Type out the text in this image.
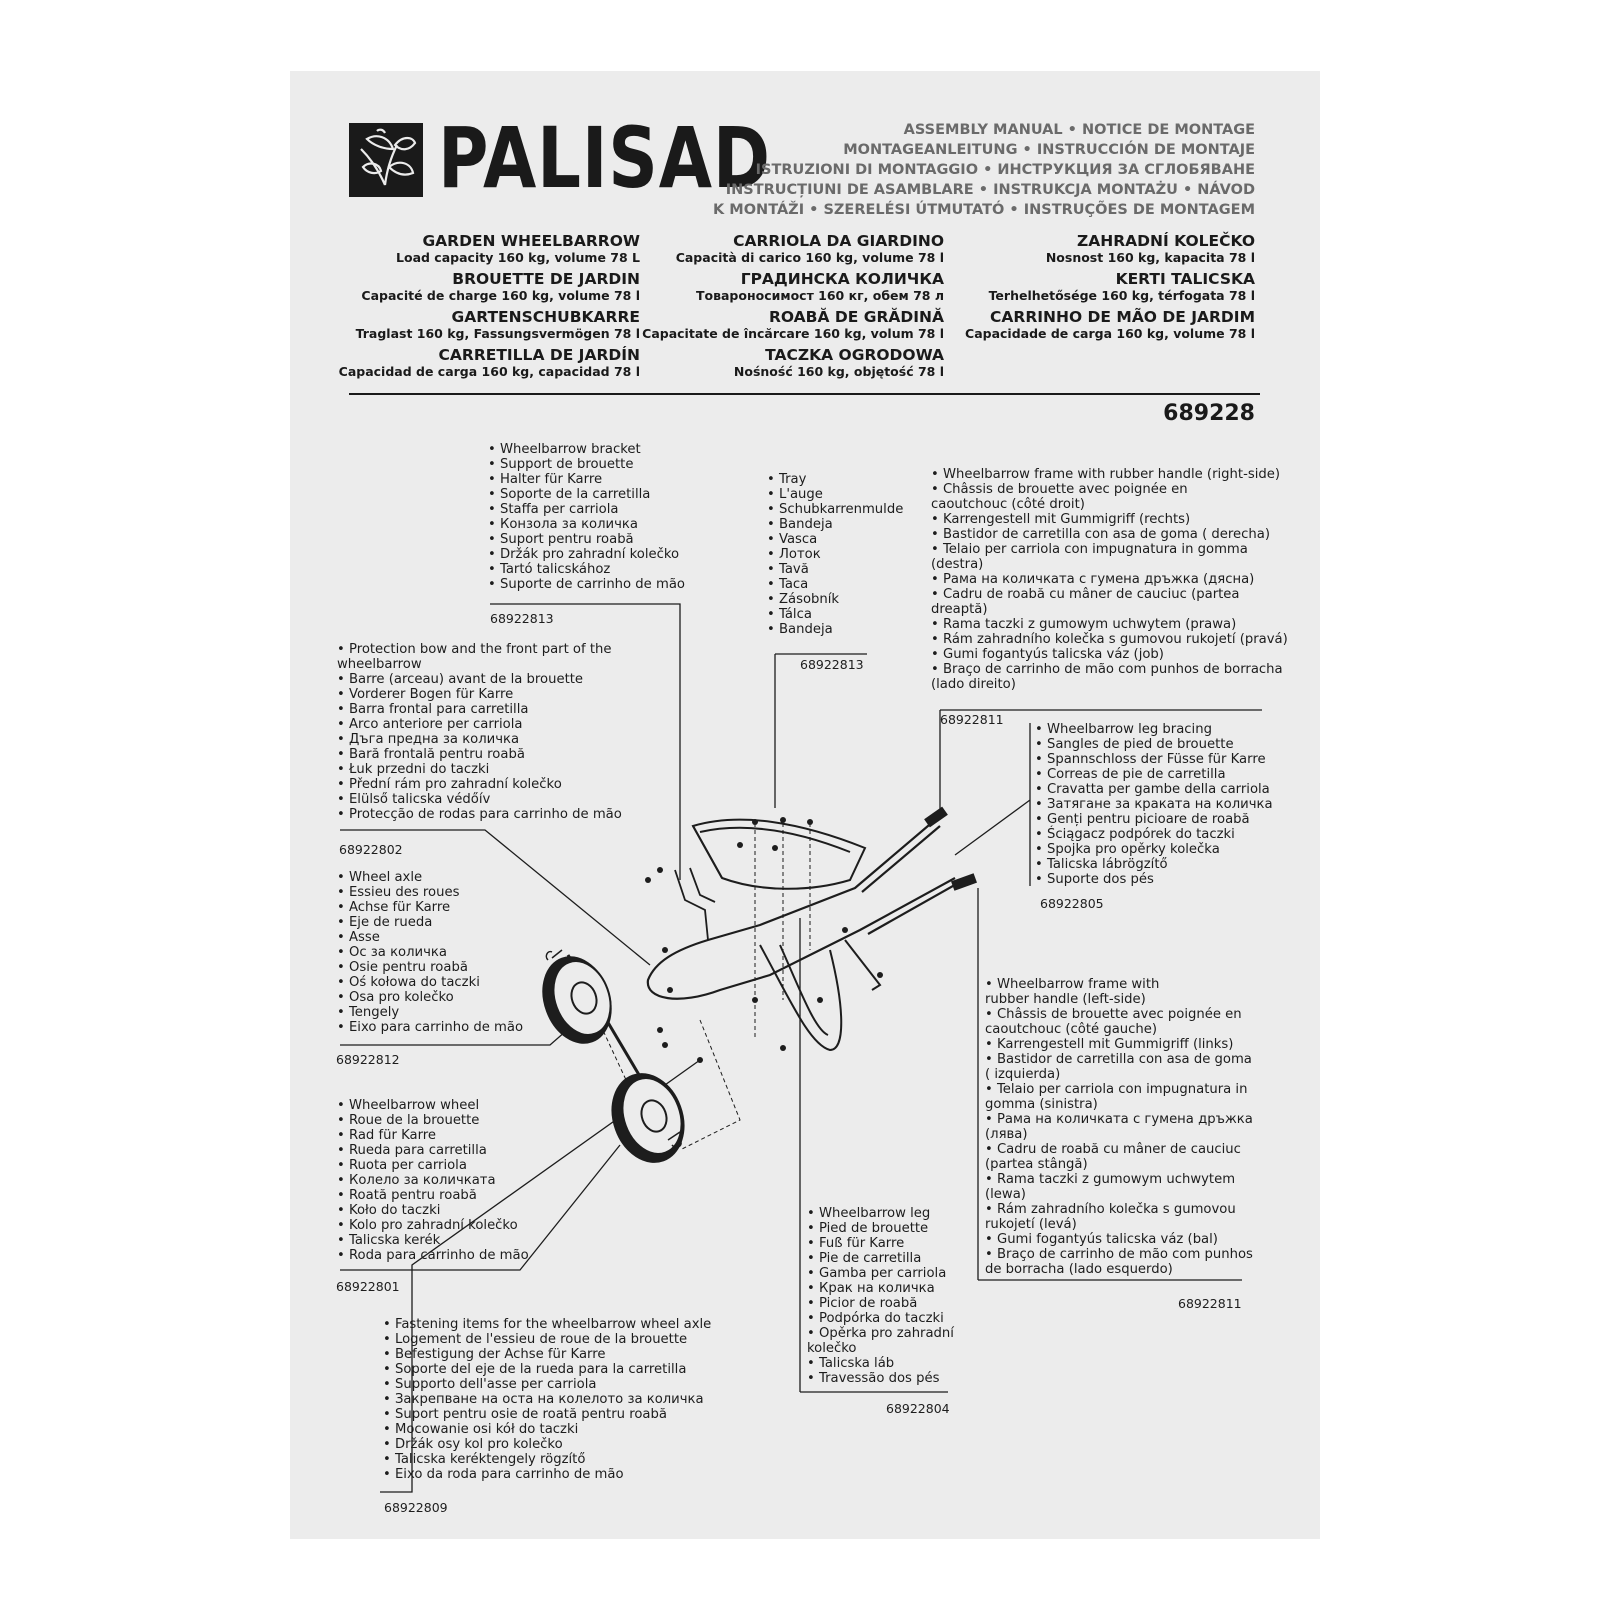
PALISAD	ASSEMBLY MANUAL • NOTICE DE MONTAGE
MONTAGEANLEITUNG • INSTRUCCIÓN DE MONTAJE
ISTRUZIONI DI MONTAGGIO • ИНСТРУКЦИЯ ЗА СГЛОБЯВАНЕ
INSTRUCȚIUNI DE ASAMBLARE • INSTRUKCJA MONTAŻU • NÁVOD
K MONTÁŽI • SZERELÉSI ÚTMUTATÓ • INSTRUÇÕES DE MONTAGEM
GARDEN WHEELBARROW
Load capacity 160 kg, volume 78 L
BROUETTE DE JARDIN
Capacité de charge 160 kg, volume 78 l
GARTENSCHUBKARRE
Traglast 160 kg, Fassungsvermögen 78 l
CARRETILLA DE JARDÍN
Capacidad de carga 160 kg, capacidad 78 l
CARRIOLA DA GIARDINO
Capacità di carico 160 kg, volume 78 l
ГРАДИНСКА КОЛИЧКА
Товароносимост 160 кг, обем 78 л
ROABĂ DE GRĂDINĂ
Capacitate de încărcare 160 kg, volum 78 l
TACZKA OGRODOWA
Nośność 160 kg, objętość 78 l
ZAHRADNÍ KOLEČKO
Nosnost 160 kg, kapacita 78 l
KERTI TALICSKA
Terhelhetősége 160 kg, térfogata 78 l
CARRINHO DE MÃO DE JARDIM
Capacidade de carga 160 kg, volume 78 l
689228
• Wheelbarrow bracket
• Support de brouette
• Halter für Karre
• Soporte de la carretilla
• Staffa per carriola
• Конзола за количка
• Suport pentru roabă
• Držák pro zahradní kolečko
• Tartó talicskához
• Suporte de carrinho de mão
68922813
• Tray
• L'auge
• Schubkarrenmulde
• Bandeja
• Vasca
• Лоток
• Tavă
• Taca
• Zásobník
• Tálca
• Bandeja
68922813
• Wheelbarrow frame with rubber handle (right-side)
• Châssis de brouette avec poignée en
caoutchouc (côté droit)
• Karrengestell mit Gummigriff (rechts)
• Bastidor de carretilla con asa de goma ( derecha)
• Telaio per carriola con impugnatura in gomma
(destra)
• Рама на количката с гумена дръжка (дясна)
• Cadru de roabă cu mâner de cauciuc (partea
dreaptă)
• Rama taczki z gumowym uchwytem (prawa)
• Rám zahradního kolečka s gumovou rukojetí (pravá)
• Gumi fogantyús talicska váz (job)
• Braço de carrinho de mão com punhos de borracha
(lado direito)
68922811
• Protection bow and the front part of the
wheelbarrow
• Barre (arceau) avant de la brouette
• Vorderer Bogen für Karre
• Barra frontal para carretilla
• Arco anteriore per carriola
• Дъга предна за количка
• Bară frontală pentru roabă
• Łuk przedni do taczki
• Přední rám pro zahradní kolečko
• Elülső talicska védőív
• Protecção de rodas para carrinho de mão
68922802
• Wheelbarrow leg bracing
• Sangles de pied de brouette
• Spannschloss der Füsse für Karre
• Correas de pie de carretilla
• Cravatta per gambe della carriola
• Затягане за краката на количка
• Genți pentru picioare de roabă
• Ściągacz podpórek do taczki
• Spojka pro opěrky kolečka
• Talicska lábrögzítő
• Suporte dos pés
68922805
• Wheel axle
• Essieu des roues
• Achse für Karre
• Eje de rueda
• Asse
• Ос за количка
• Osie pentru roabă
• Oś kołowa do taczki
• Osa pro kolečko
• Tengely
• Eixo para carrinho de mão
68922812
• Wheelbarrow frame with
rubber handle (left-side)
• Châssis de brouette avec poignée en
caoutchouc (côté gauche)
• Karrengestell mit Gummigriff (links)
• Bastidor de carretilla con asa de goma
( izquierda)
• Telaio per carriola con impugnatura in
gomma (sinistra)
• Рама на количката с гумена дръжка
(лява)
• Cadru de roabă cu mâner de cauciuc
(partea stângă)
• Rama taczki z gumowym uchwytem
(lewa)
• Rám zahradního kolečka s gumovou
rukojetí (levá)
• Gumi fogantyús talicska váz (bal)
• Braço de carrinho de mão com punhos
de borracha (lado esquerdo)
68922811
• Wheelbarrow wheel
• Roue de la brouette
• Rad für Karre
• Rueda para carretilla
• Ruota per carriola
• Колело за количката
• Roată pentru roabă
• Koło do taczki
• Kolo pro zahradní kolečko
• Talicska kerék
• Roda para carrinho de mão
68922801
• Wheelbarrow leg
• Pied de brouette
• Fuß für Karre
• Pie de carretilla
• Gamba per carriola
• Крак на количка
• Picior de roabă
• Podpórka do taczki
• Opěrka pro zahradní
kolečko
• Talicska láb
• Travessão dos pés
68922804
• Fastening items for the wheelbarrow wheel axle
• Logement de l'essieu de roue de la brouette
• Befestigung der Achse für Karre
• Soporte del eje de la rueda para la carretilla
• Supporto dell'asse per carriola
• Закрепване на оста на колелото за количка
• Suport pentru osie de roată pentru roabă
• Mocowanie osi kół do taczki
• Držák osy kol pro kolečko
• Talicska keréktengely rögzítő
• Eixo da roda para carrinho de mão
68922809
